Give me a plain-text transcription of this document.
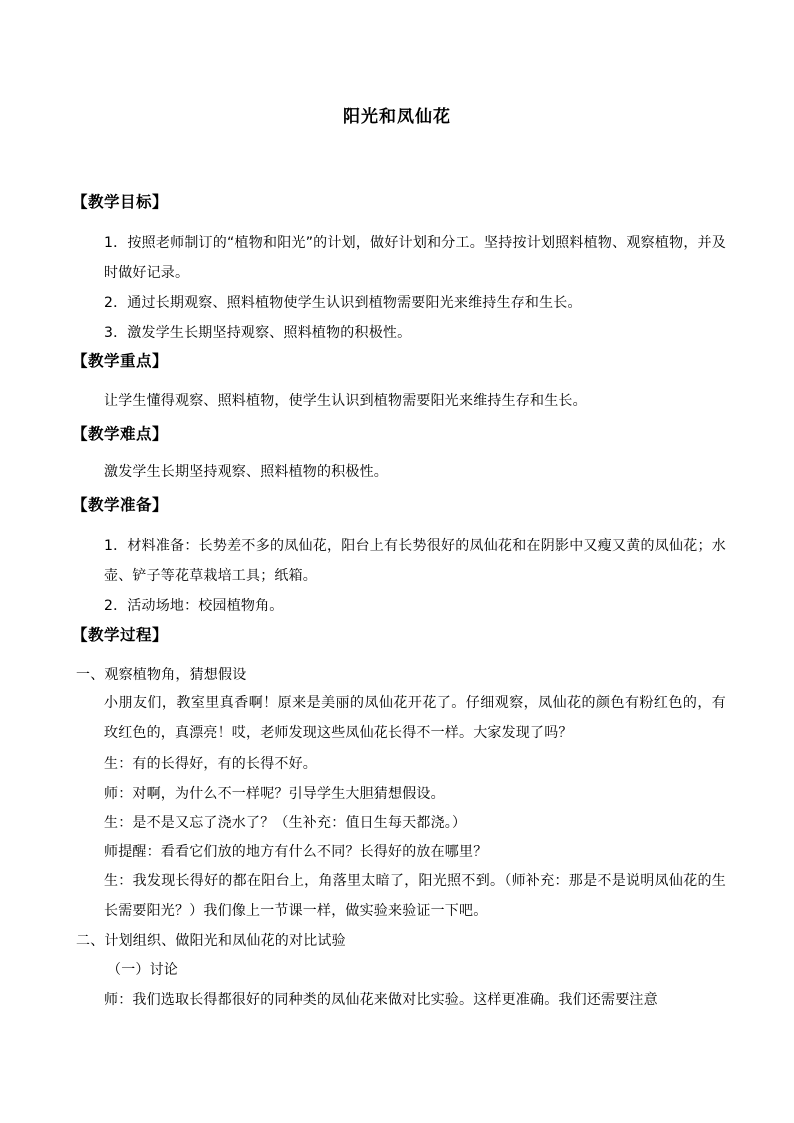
阳光和凤仙花
【教学目标】
1．按照老师制订的“植物和阳光”的计划，做好计划和分工。坚持按计划照料植物、观察植物，并及时做好记录。
2．通过长期观察、照料植物使学生认识到植物需要阳光来维持生存和生长。
3．激发学生长期坚持观察、照料植物的积极性。
【教学重点】
让学生懂得观察、照料植物，使学生认识到植物需要阳光来维持生存和生长。
【教学难点】
激发学生长期坚持观察、照料植物的积极性。
【教学准备】
1．材料准备：长势差不多的凤仙花，阳台上有长势很好的凤仙花和在阴影中又瘦又黄的凤仙花；水壶、铲子等花草栽培工具；纸箱。
2．活动场地：校园植物角。
【教学过程】
一、观察植物角，猜想假设
小朋友们，教室里真香啊！原来是美丽的凤仙花开花了。仔细观察，凤仙花的颜色有粉红色的，有玫红色的，真漂亮！哎，老师发现这些凤仙花长得不一样。大家发现了吗？
生：有的长得好，有的长得不好。
师：对啊，为什么不一样呢？引导学生大胆猜想假设。
生：是不是又忘了浇水了？（生补充：值日生每天都浇。）
师提醒：看看它们放的地方有什么不同？长得好的放在哪里？
生：我发现长得好的都在阳台上，角落里太暗了，阳光照不到。（师补充：那是不是说明凤仙花的生长需要阳光？）我们像上一节课一样，做实验来验证一下吧。
二、计划组织、做阳光和凤仙花的对比试验
（一）讨论
师：我们选取长得都很好的同种类的凤仙花来做对比实验。这样更准确。我们还需要注意
